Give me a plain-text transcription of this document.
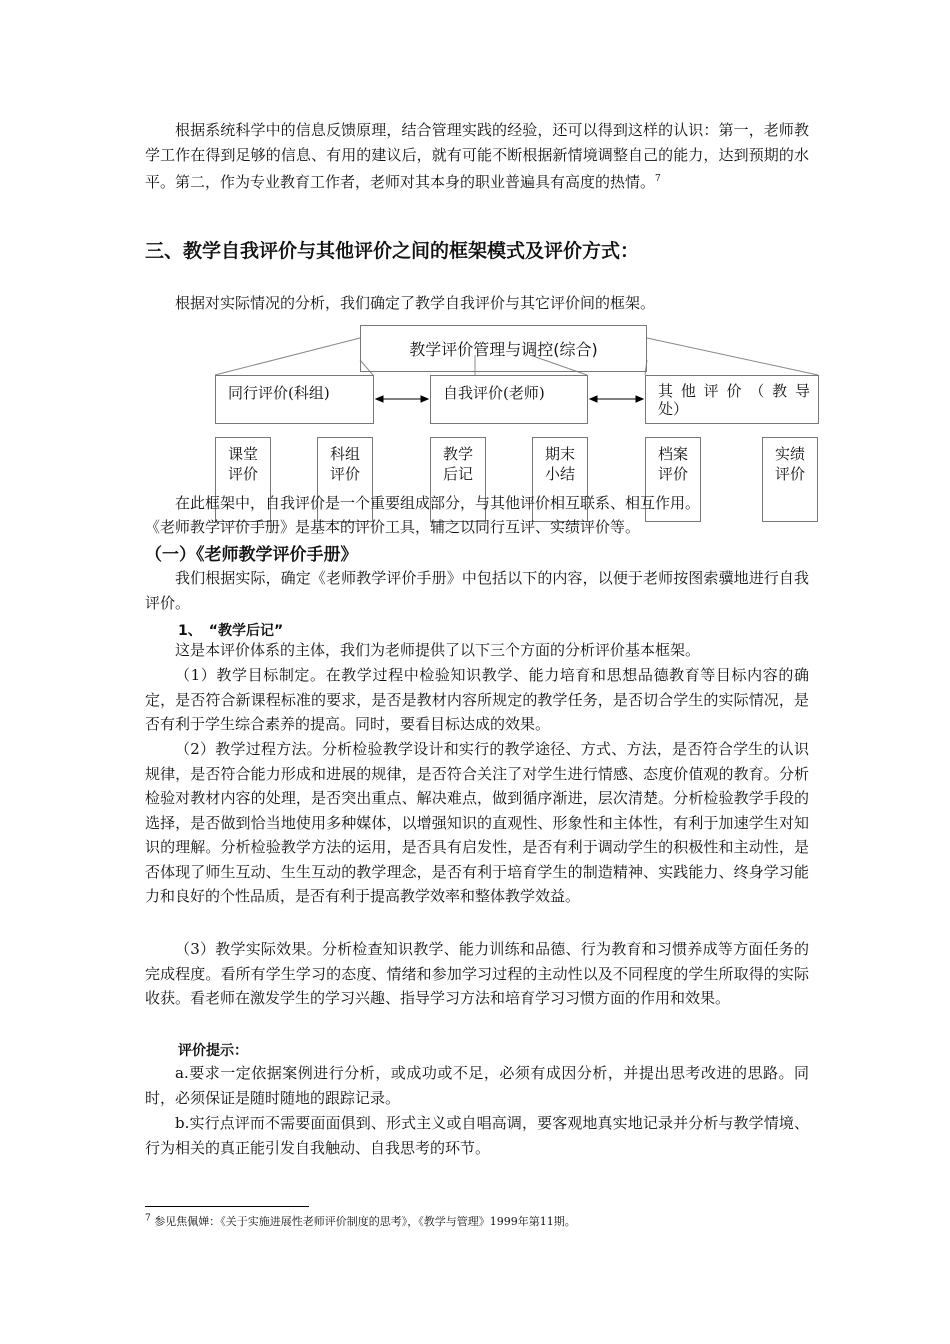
根据系统科学中的信息反馈原理，结合管理实践的经验，还可以得到这样的认识：第一，老师教学工作在得到足够的信息、有用的建议后，就有可能不断根据新情境调整自己的能力，达到预期的水平。第二，作为专业教育工作者，老师对其本身的职业普遍具有高度的热情。$^7$

三、教学自我评价与其他评价之间的框架模式及评价方式：

根据对实际情况的分析，我们确定了教学自我评价与其它评价间的框架。

教学评价管理与调控(综合)
同行评价(科组)	自我评价(老师)	其 他 评 价 （ 教 导 处）
课堂
评价
科组
评价
教学
后记
期末
小结
档案
评价
实绩
评价

在此框架中，自我评价是一个重要组成部分，与其他评价相互联系、相互作用。

《老师教学评价手册》是基本的评价工具，辅之以同行互评、实绩评价等。

（一）《老师教学评价手册》

我们根据实际，确定《老师教学评价手册》中包括以下的内容，以便于老师按图索骥地进行自我评价。

1、　“教学后记”

这是本评价体系的主体，我们为老师提供了以下三个方面的分析评价基本框架。

（1）教学目标制定。在教学过程中检验知识教学、能力培育和思想品德教育等目标内容的确定，是否符合新课程标准的要求，是否是教材内容所规定的教学任务，是否切合学生的实际情况，是否有利于学生综合素养的提高。同时，要看目标达成的效果。

（2）教学过程方法。分析检验教学设计和实行的教学途径、方式、方法，是否符合学生的认识规律，是否符合能力形成和进展的规律，是否符合关注了对学生进行情感、态度价值观的教育。分析检验对教材内容的处理，是否突出重点、解决难点，做到循序渐进，层次清楚。分析检验教学手段的选择，是否做到恰当地使用多种媒体，以增强知识的直观性、形象性和主体性，有利于加速学生对知识的理解。分析检验教学方法的运用，是否具有启发性，是否有利于调动学生的积极性和主动性，是否体现了师生互动、生生互动的教学理念，是否有利于培育学生的制造精神、实践能力、终身学习能力和良好的个性品质，是否有利于提高教学效率和整体教学效益。

（3）教学实际效果。分析检查知识教学、能力训练和品德、行为教育和习惯养成等方面任务的完成程度。看所有学生学习的态度、情绪和参加学习过程的主动性以及不同程度的学生所取得的实际收获。看老师在激发学生的学习兴趣、指导学习方法和培育学习习惯方面的作用和效果。

评价提示：

a.要求一定依据案例进行分析，或成功或不足，必须有成因分析，并提出思考改进的思路。同时，必须保证是随时随地的跟踪记录。

b.实行点评而不需要面面俱到、形式主义或自唱高调，要客观地真实地记录并分析与教学情境、行为相关的真正能引发自我触动、自我思考的环节。

$^7$ 参见焦佩婵：《关于实施进展性老师评价制度的思考》，《教学与管理》1999年第11期。
